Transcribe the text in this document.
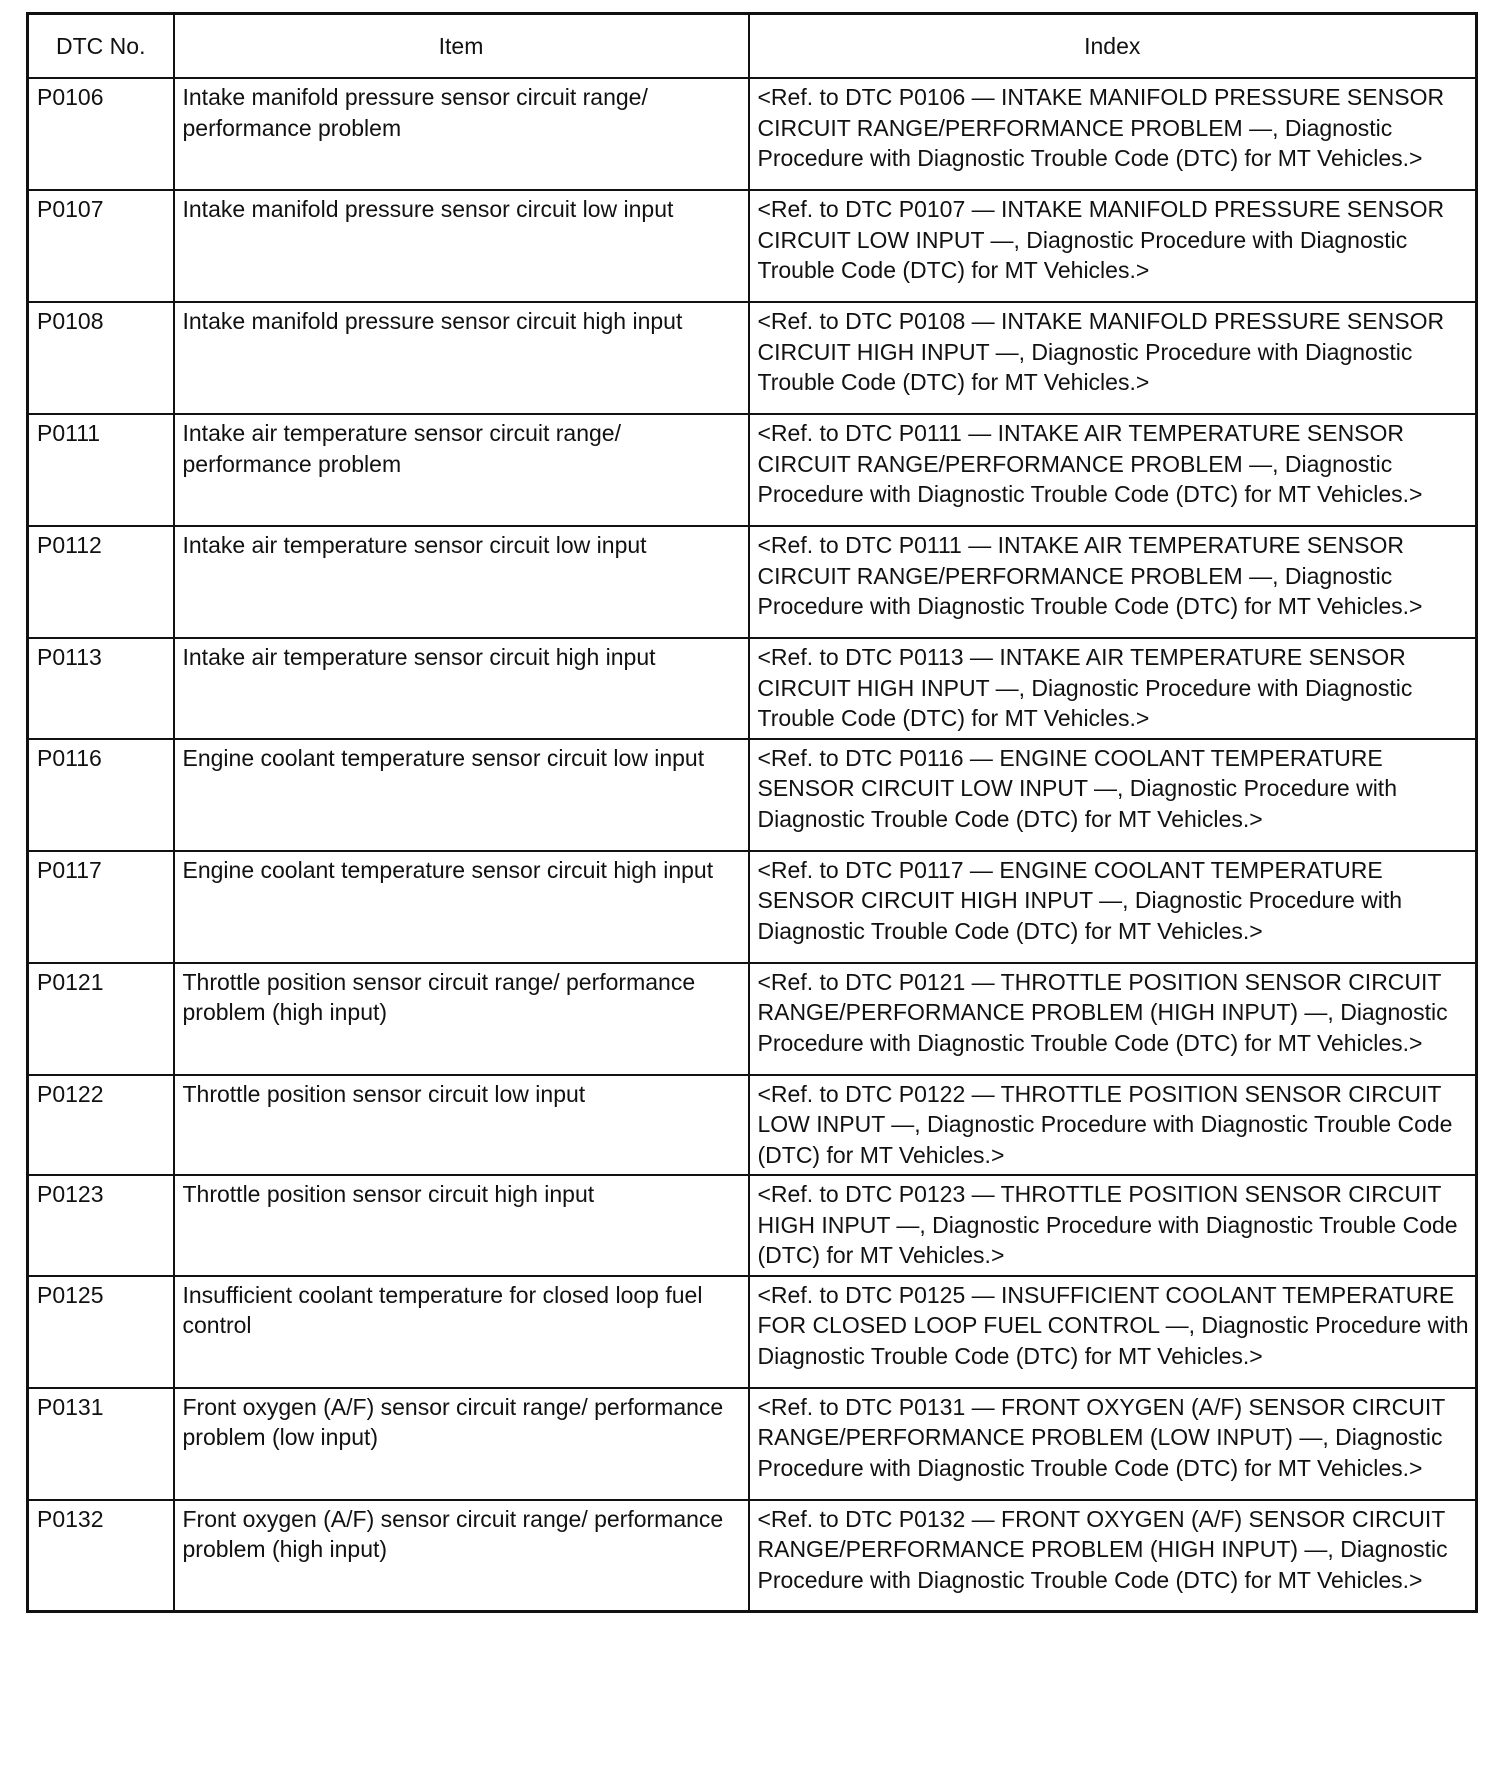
DTC No.	Item	Index
P0106	Intake manifold pressure sensor circuit range/ performance problem	<Ref. to DTC P0106 — INTAKE MANIFOLD PRESSURE SENSOR CIRCUIT RANGE/PERFORMANCE PROBLEM —, Diagnostic Procedure with Diagnostic Trouble Code (DTC) for MT Vehicles.>
P0107	Intake manifold pressure sensor circuit low input	<Ref. to DTC P0107 — INTAKE MANIFOLD PRESSURE SENSOR CIRCUIT LOW INPUT —, Diagnostic Procedure with Diagnostic Trouble Code (DTC) for MT Vehicles.>
P0108	Intake manifold pressure sensor circuit high input	<Ref. to DTC P0108 — INTAKE MANIFOLD PRESSURE SENSOR CIRCUIT HIGH INPUT —, Diagnostic Procedure with Diagnostic Trouble Code (DTC) for MT Vehicles.>
P0111	Intake air temperature sensor circuit range/ performance problem	<Ref. to DTC P0111 — INTAKE AIR TEMPERATURE SENSOR CIRCUIT RANGE/PERFORMANCE PROBLEM —, Diagnostic Procedure with Diagnostic Trouble Code (DTC) for MT Vehicles.>
P0112	Intake air temperature sensor circuit low input	<Ref. to DTC P0111 — INTAKE AIR TEMPERATURE SENSOR CIRCUIT RANGE/PERFORMANCE PROBLEM —, Diagnostic Procedure with Diagnostic Trouble Code (DTC) for MT Vehicles.>
P0113	Intake air temperature sensor circuit high input	<Ref. to DTC P0113 — INTAKE AIR TEMPERATURE SENSOR CIRCUIT HIGH INPUT —, Diagnostic Procedure with Diagnostic Trouble Code (DTC) for MT Vehicles.>
P0116	Engine coolant temperature sensor circuit low input	<Ref. to DTC P0116 — ENGINE COOLANT TEMPERATURE SENSOR CIRCUIT LOW INPUT —, Diagnostic Procedure with Diagnostic Trouble Code (DTC) for MT Vehicles.>
P0117	Engine coolant temperature sensor circuit high input	<Ref. to DTC P0117 — ENGINE COOLANT TEMPERATURE SENSOR CIRCUIT HIGH INPUT —, Diagnostic Procedure with Diagnostic Trouble Code (DTC) for MT Vehicles.>
P0121	Throttle position sensor circuit range/ performance problem (high input)	<Ref. to DTC P0121 — THROTTLE POSITION SENSOR CIRCUIT RANGE/PERFORMANCE PROBLEM (HIGH INPUT) —, Diagnostic Procedure with Diagnostic Trouble Code (DTC) for MT Vehicles.>
P0122	Throttle position sensor circuit low input	<Ref. to DTC P0122 — THROTTLE POSITION SENSOR CIRCUIT LOW INPUT —, Diagnostic Procedure with Diagnostic Trouble Code (DTC) for MT Vehicles.>
P0123	Throttle position sensor circuit high input	<Ref. to DTC P0123 — THROTTLE POSITION SENSOR CIRCUIT HIGH INPUT —, Diagnostic Procedure with Diagnostic Trouble Code (DTC) for MT Vehicles.>
P0125	Insufficient coolant temperature for closed loop fuel control	<Ref. to DTC P0125 — INSUFFICIENT COOLANT TEMPERATURE FOR CLOSED LOOP FUEL CONTROL —, Diagnostic Procedure with Diagnostic Trouble Code (DTC) for MT Vehicles.>
P0131	Front oxygen (A/F) sensor circuit range/ performance problem (low input)	<Ref. to DTC P0131 — FRONT OXYGEN (A/F) SENSOR CIRCUIT RANGE/PERFORMANCE PROBLEM (LOW INPUT) —, Diagnostic Procedure with Diagnostic Trouble Code (DTC) for MT Vehicles.>
P0132	Front oxygen (A/F) sensor circuit range/ performance problem (high input)	<Ref. to DTC P0132 — FRONT OXYGEN (A/F) SENSOR CIRCUIT RANGE/PERFORMANCE PROBLEM (HIGH INPUT) —, Diagnostic Procedure with Diagnostic Trouble Code (DTC) for MT Vehicles.>
